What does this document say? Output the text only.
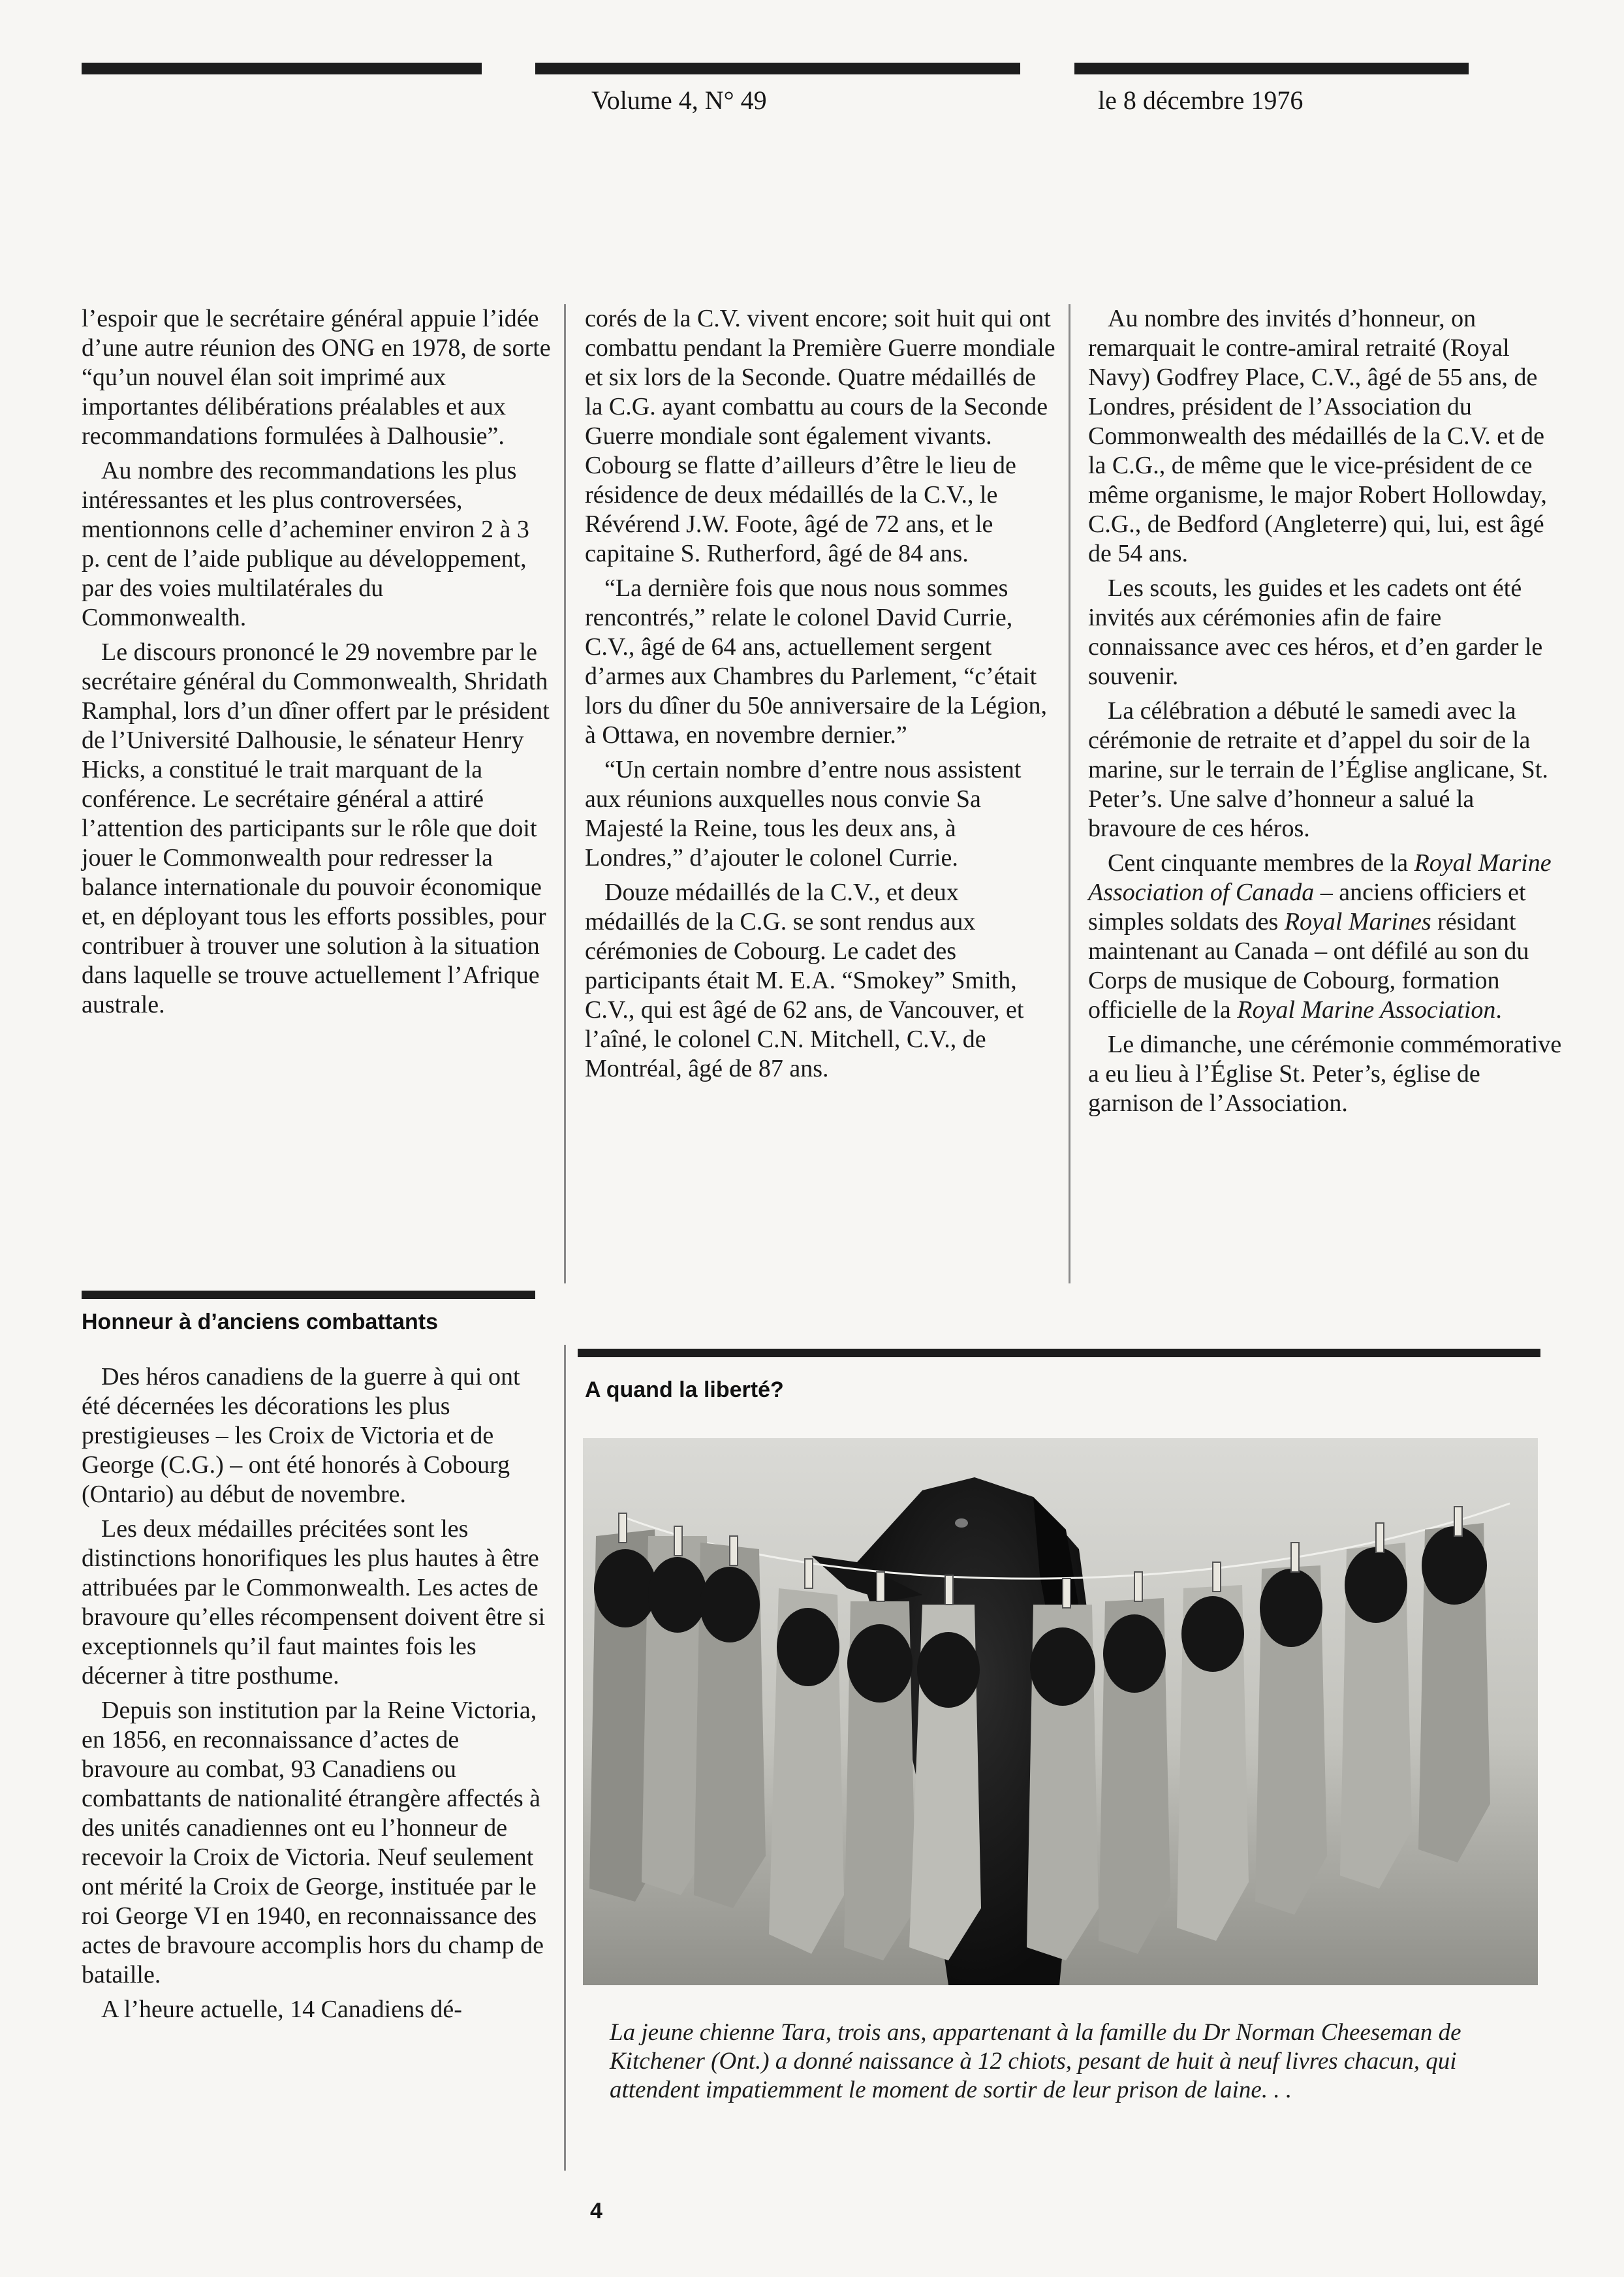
Volume 4, N° 49	le 8 décembre 1976

l’espoir que le secrétaire général appuie l’idée d’une autre réunion des ONG en 1978, de sorte “qu’un nouvel élan soit imprimé aux importantes délibérations préalables et aux recommandations formulées à Dalhousie”.

Au nombre des recommandations les plus intéressantes et les plus controversées, mentionnons celle d’acheminer environ 2 à 3 p. cent de l’aide publique au développement, par des voies multilatérales du Commonwealth.

Le discours prononcé le 29 novembre par le secrétaire général du Commonwealth, Shridath Ramphal, lors d’un dîner offert par le président de l’Université Dalhousie, le sénateur Henry Hicks, a constitué le trait marquant de la conférence. Le secrétaire général a attiré l’attention des participants sur le rôle que doit jouer le Commonwealth pour redresser la balance internationale du pouvoir économique et, en déployant tous les efforts possibles, pour contribuer à trouver une solution à la situation dans laquelle se trouve actuellement l’Afrique australe.

Honneur à d’anciens combattants

Des héros canadiens de la guerre à qui ont été décernées les décorations les plus prestigieuses – les Croix de Victoria et de George (C.G.) – ont été honorés à Cobourg (Ontario) au début de novembre.

Les deux médailles précitées sont les distinctions honorifiques les plus hautes à être attribuées par le Commonwealth. Les actes de bravoure qu’elles récompensent doivent être si exceptionnels qu’il faut maintes fois les décerner à titre posthume.

Depuis son institution par la Reine Victoria, en 1856, en reconnaissance d’actes de bravoure au combat, 93 Canadiens ou combattants de nationalité étrangère affectés à des unités canadiennes ont eu l’honneur de recevoir la Croix de Victoria. Neuf seulement ont mérité la Croix de George, instituée par le roi George VI en 1940, en reconnaissance des actes de bravoure accomplis hors du champ de bataille.

A l’heure actuelle, 14 Canadiens dé-

corés de la C.V. vivent encore; soit huit qui ont combattu pendant la Première Guerre mondiale et six lors de la Seconde. Quatre médaillés de la C.G. ayant combattu au cours de la Seconde Guerre mondiale sont également vivants. Cobourg se flatte d’ailleurs d’être le lieu de résidence de deux médaillés de la C.V., le Révérend J.W. Foote, âgé de 72 ans, et le capitaine S. Rutherford, âgé de 84 ans.

“La dernière fois que nous nous sommes rencontrés,” relate le colonel David Currie, C.V., âgé de 64 ans, actuellement sergent d’armes aux Chambres du Parlement, “c’était lors du dîner du 50e anniversaire de la Légion, à Ottawa, en novembre dernier.”

“Un certain nombre d’entre nous assistent aux réunions auxquelles nous convie Sa Majesté la Reine, tous les deux ans, à Londres,” d’ajouter le colonel Currie.

Douze médaillés de la C.V., et deux médaillés de la C.G. se sont rendus aux cérémonies de Cobourg. Le cadet des participants était M. E.A. “Smokey” Smith, C.V., qui est âgé de 62 ans, de Vancouver, et l’aîné, le colonel C.N. Mitchell, C.V., de Montréal, âgé de 87 ans.

Au nombre des invités d’honneur, on remarquait le contre-amiral retraité (Royal Navy) Godfrey Place, C.V., âgé de 55 ans, de Londres, président de l’Association du Commonwealth des médaillés de la C.V. et de la C.G., de même que le vice-président de ce même organisme, le major Robert Hollowday, C.G., de Bedford (Angleterre) qui, lui, est âgé de 54 ans.

Les scouts, les guides et les cadets ont été invités aux cérémonies afin de faire connaissance avec ces héros, et d’en garder le souvenir.

La célébration a débuté le samedi avec la cérémonie de retraite et d’appel du soir de la marine, sur le terrain de l’Église anglicane, St. Peter’s. Une salve d’honneur a salué la bravoure de ces héros.

Cent cinquante membres de la Royal Marine Association of Canada – anciens officiers et simples soldats des Royal Marines résidant maintenant au Canada – ont défilé au son du Corps de musique de Cobourg, formation officielle de la Royal Marine Association.

Le dimanche, une cérémonie commémorative a eu lieu à l’Église St. Peter’s, église de garnison de l’Association.

A quand la liberté?
La jeune chienne Tara, trois ans, appartenant à la famille du Dr Norman Cheeseman de Kitchener (Ont.) a donné naissance à 12 chiots, pesant de huit à neuf livres chacun, qui attendent impatiemment le moment de sortir de leur prison de laine. . .
4
